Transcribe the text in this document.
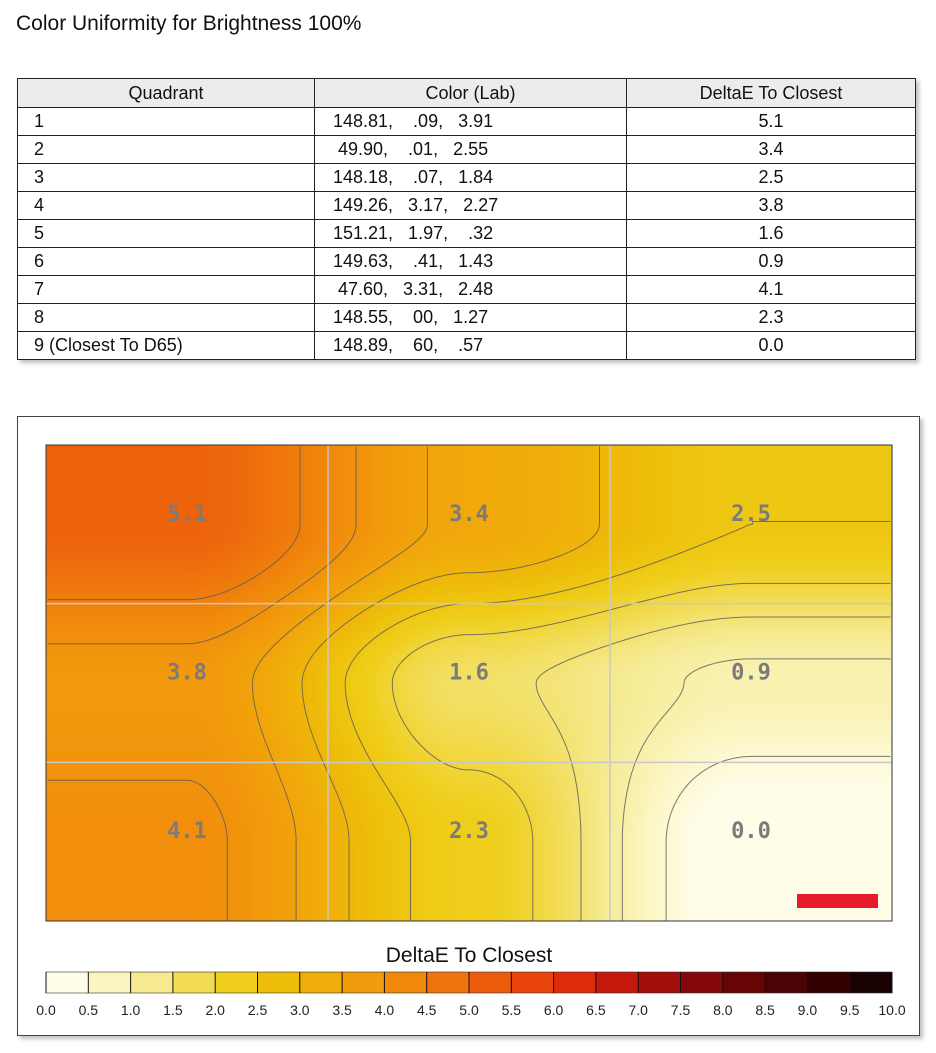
Color Uniformity for Brightness 100%
Quadrant	Color (Lab)	DeltaE To Closest
1	148.81,    .09,   3.91	5.1
2	49.90,    .01,   2.55	3.4
3	148.18,    .07,   1.84	2.5
4	149.26,   3.17,   2.27	3.8
5	151.21,   1.97,    .32	1.6
6	149.63,    .41,   1.43	0.9
7	47.60,   3.31,   2.48	4.1
8	148.55,    00,   1.27	2.3
9 (Closest To D65)	148.89,    60,    .57	0.0
5.1	3.4	2.5
3.8	1.6	0.9
4.1	2.3	0.0
DeltaE To Closest
0.0 0.5 1.0 1.5 2.0 2.5 3.0 3.5 4.0 4.5 5.0 5.5 6.0 6.5 7.0 7.5 8.0 8.5 9.0 9.5 10.0
